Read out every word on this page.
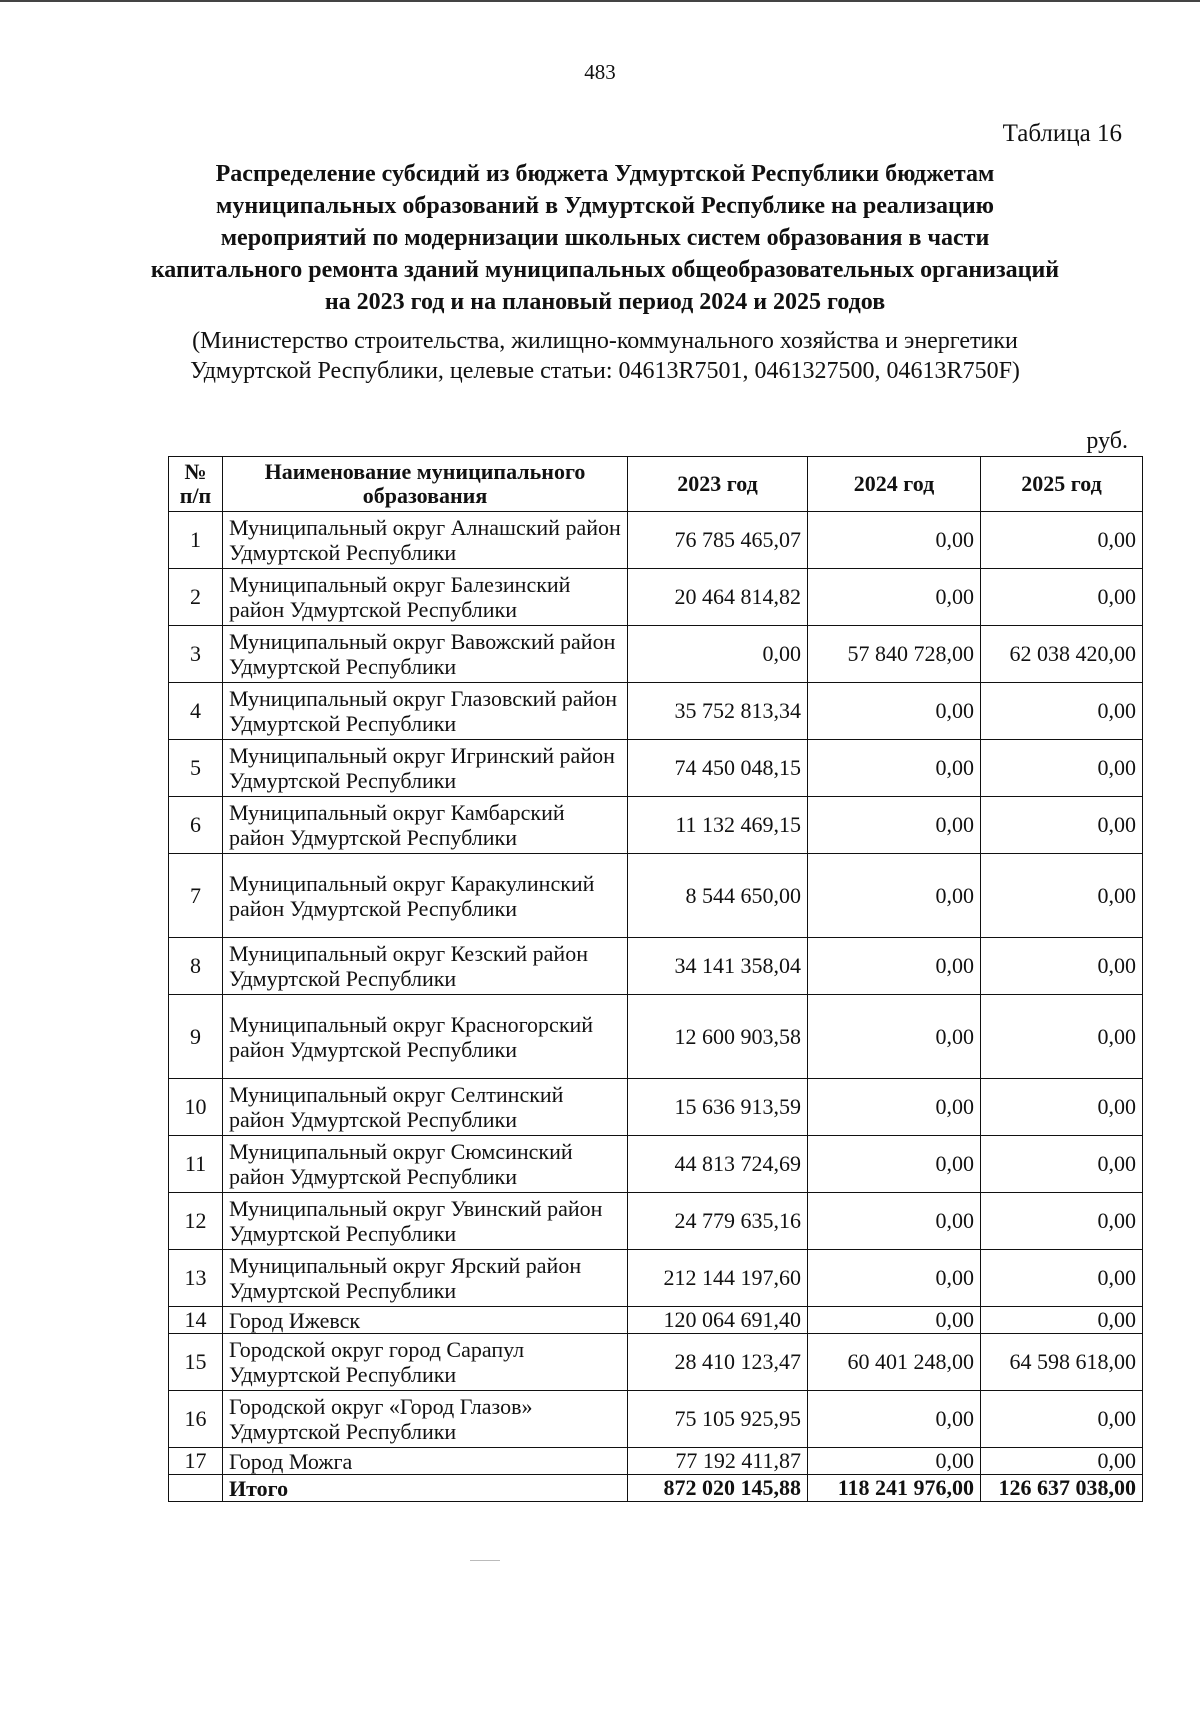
483
Таблица 16
Распределение субсидий из бюджета Удмуртской Республики бюджетам муниципальных образований в Удмуртской Республике на реализацию мероприятий по модернизации школьных систем образования в части капитального ремонта зданий муниципальных общеобразовательных организаций на 2023 год и на плановый период 2024 и 2025 годов
(Министерство строительства, жилищно-коммунального хозяйства и энергетики Удмуртской Республики, целевые статьи: 04613R7501, 0461327500, 04613R750F)
руб.
№ п/п	Наименование муниципального образования	2023 год	2024 год	2025 год
1	Муниципальный округ Алнашский район Удмуртской Республики	76 785 465,07	0,00	0,00
2	Муниципальный округ Балезинский район Удмуртской Республики	20 464 814,82	0,00	0,00
3	Муниципальный округ Вавожский район Удмуртской Республики	0,00	57 840 728,00	62 038 420,00
4	Муниципальный округ Глазовский район Удмуртской Республики	35 752 813,34	0,00	0,00
5	Муниципальный округ Игринский район Удмуртской Республики	74 450 048,15	0,00	0,00
6	Муниципальный округ Камбарский район Удмуртской Республики	11 132 469,15	0,00	0,00
7	Муниципальный округ Каракулинский район Удмуртской Республики	8 544 650,00	0,00	0,00
8	Муниципальный округ Кезский район Удмуртской Республики	34 141 358,04	0,00	0,00
9	Муниципальный округ Красногорский район Удмуртской Республики	12 600 903,58	0,00	0,00
10	Муниципальный округ Селтинский район Удмуртской Республики	15 636 913,59	0,00	0,00
11	Муниципальный округ Сюмсинский район Удмуртской Республики	44 813 724,69	0,00	0,00
12	Муниципальный округ Увинский район Удмуртской Республики	24 779 635,16	0,00	0,00
13	Муниципальный округ Ярский район Удмуртской Республики	212 144 197,60	0,00	0,00
14	Город Ижевск	120 064 691,40	0,00	0,00
15	Городской округ город Сарапул Удмуртской Республики	28 410 123,47	60 401 248,00	64 598 618,00
16	Городской округ «Город Глазов» Удмуртской Республики	75 105 925,95	0,00	0,00
17	Город Можга	77 192 411,87	0,00	0,00
	Итого	872 020 145,88	118 241 976,00	126 637 038,00
